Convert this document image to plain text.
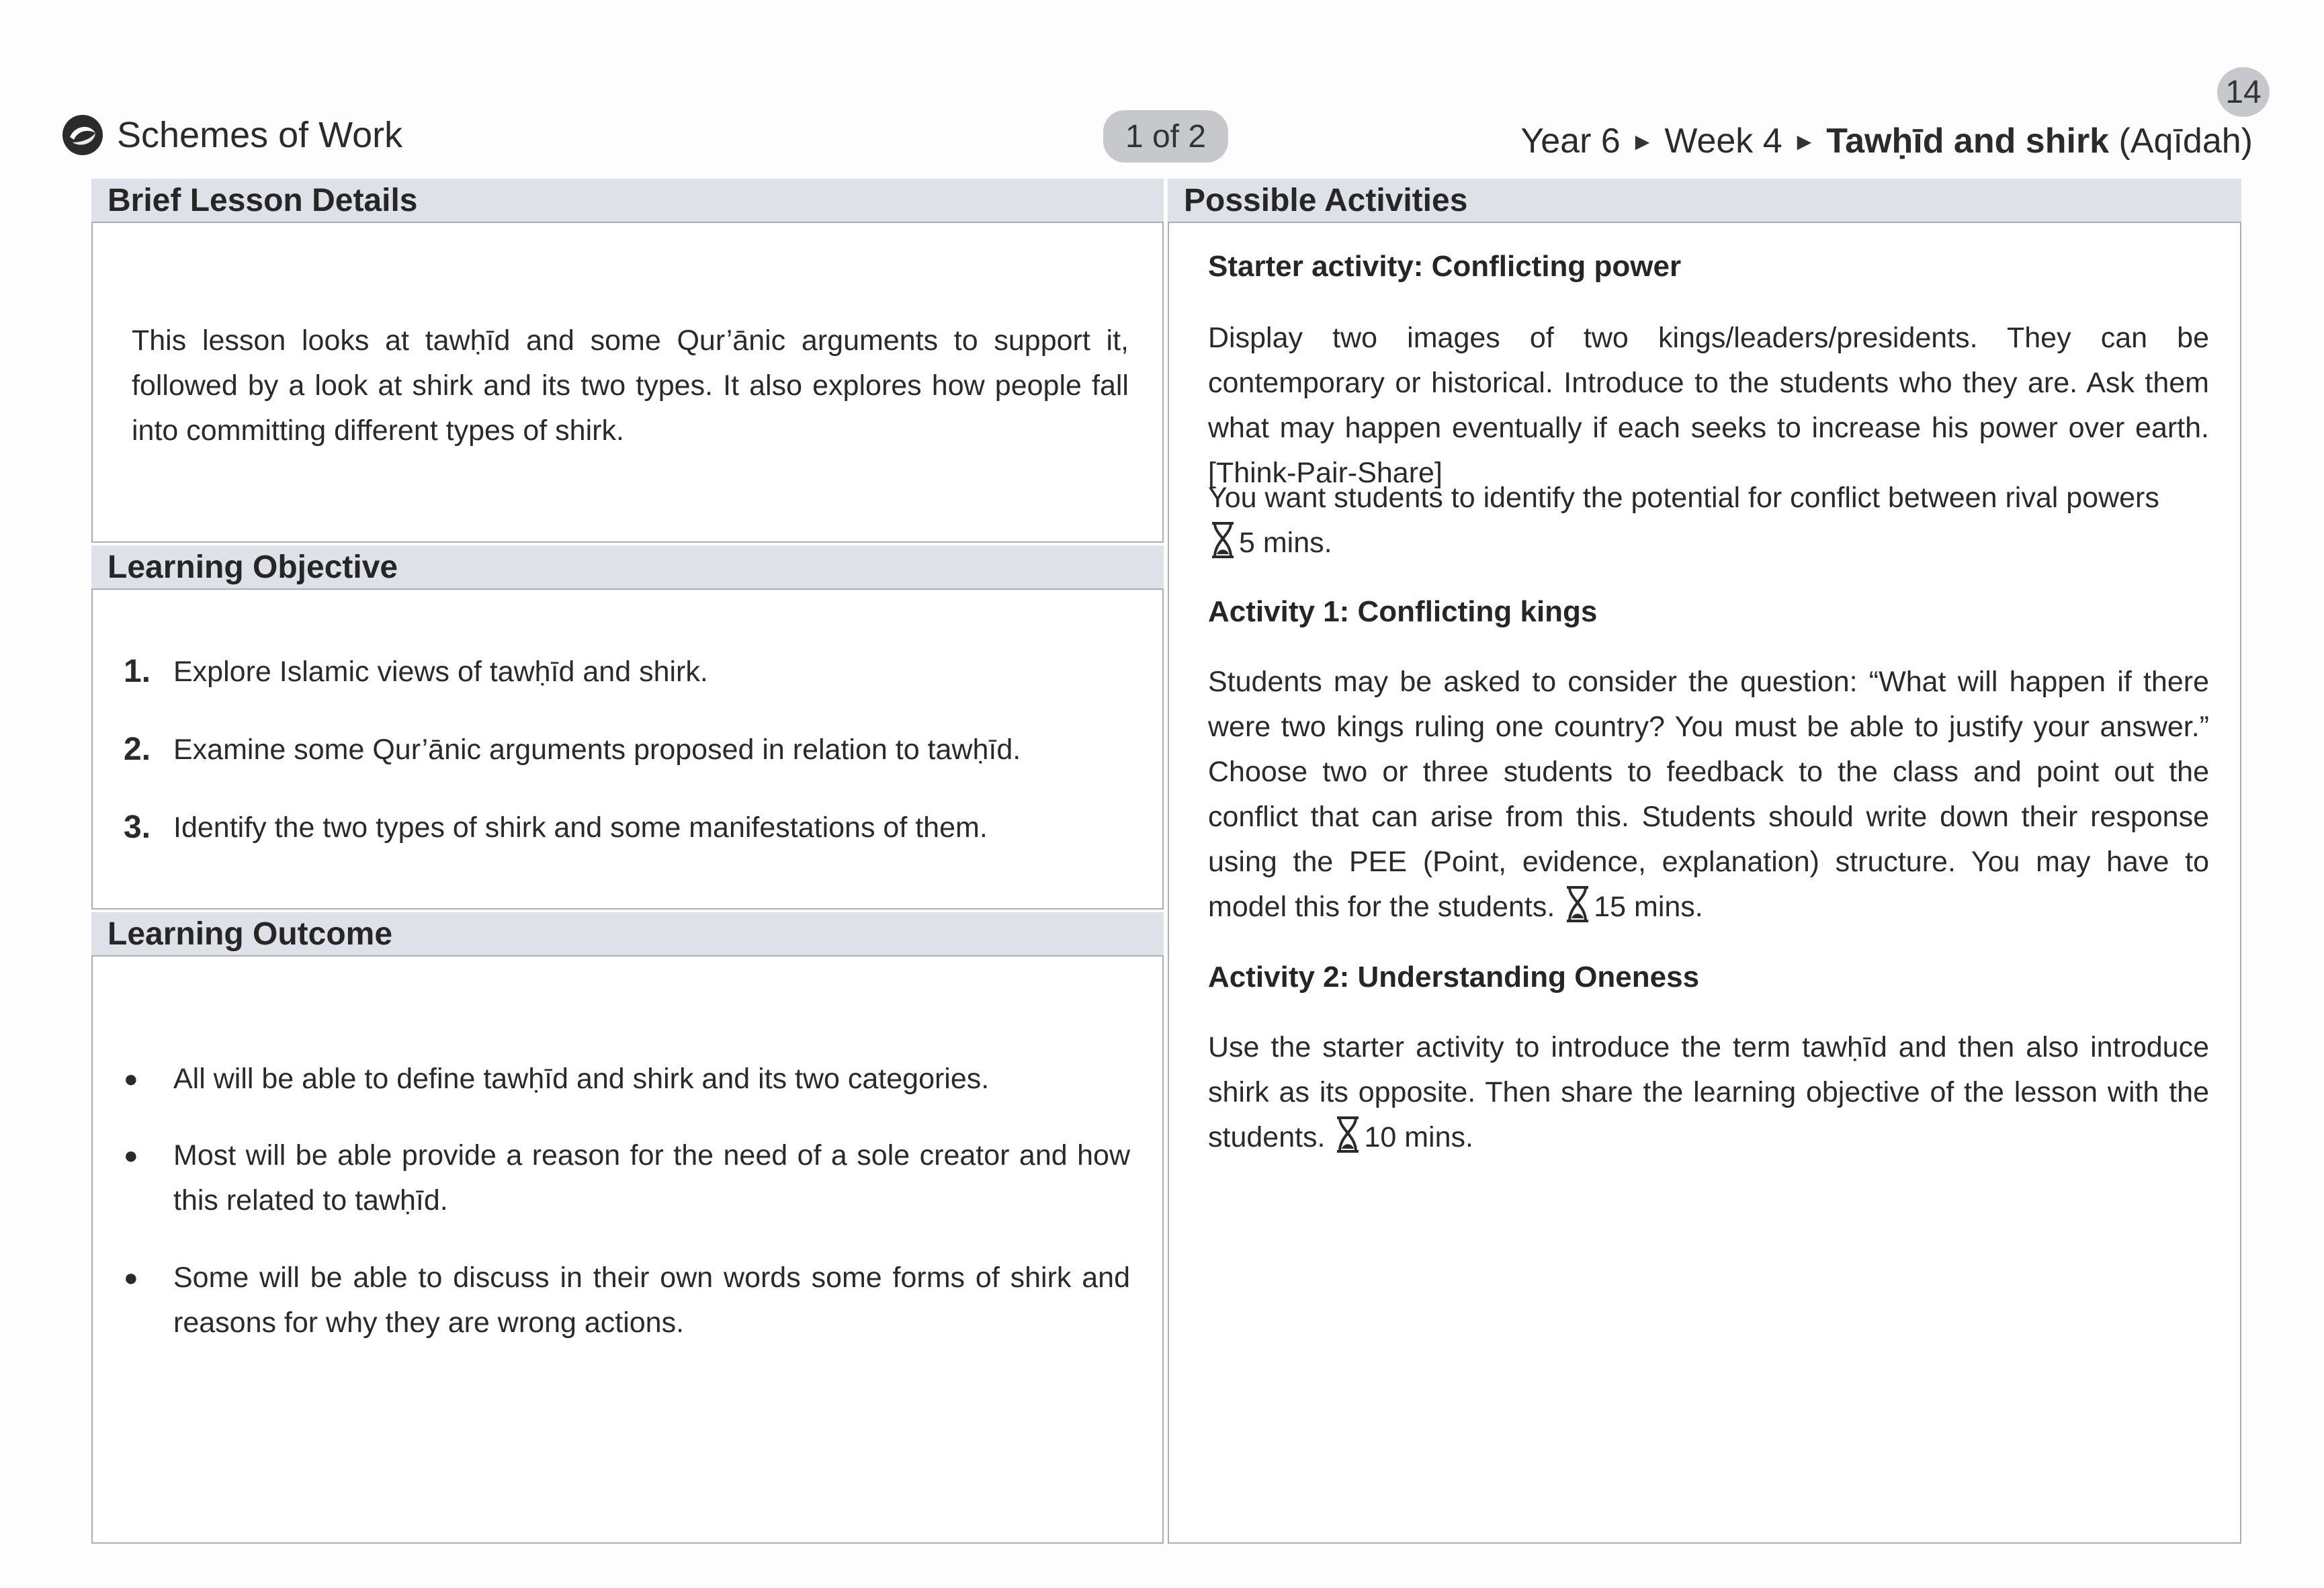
Schemes of Work	1 of 2
14
Year 6 ▶ Week 4 ▶ Tawḥīd and shirk (Aqīdah)
Brief Lesson Details
This lesson looks at tawḥīd and some Qur’ānic arguments to support it, followed by a look at shirk and its two types. It also explores how people fall into committing different types of shirk.
Learning Objective
1. Explore Islamic views of tawḥīd and shirk.
2. Examine some Qur’ānic arguments proposed in relation to tawḥīd.
3. Identify the two types of shirk and some manifestations of them.
Learning Outcome
● All will be able to define tawḥīd and shirk and its two categories.
● Most will be able provide a reason for the need of a sole creator and how this related to tawḥīd.
● Some will be able to discuss in their own words some forms of shirk and reasons for why they are wrong actions.
Possible Activities
Starter activity: Conflicting power
Display two images of two kings/leaders/presidents. They can be contemporary or historical. Introduce to the students who they are. Ask them what may happen eventually if each seeks to increase his power over earth. [Think-Pair-Share]
You want students to identify the potential for conflict between rival powers
5 mins.
Activity 1: Conflicting kings
Students may be asked to consider the question: “What will happen if there were two kings ruling one country? You must be able to justify your answer.” Choose two or three students to feedback to the class and point out the conflict that can arise from this. Students should write down their response using the PEE (Point, evidence, explanation) structure. You may have to model this for the students. 15 mins.
Activity 2: Understanding Oneness
Use the starter activity to introduce the term tawḥīd and then also introduce shirk as its opposite. Then share the learning objective of the lesson with the students. 10 mins.
